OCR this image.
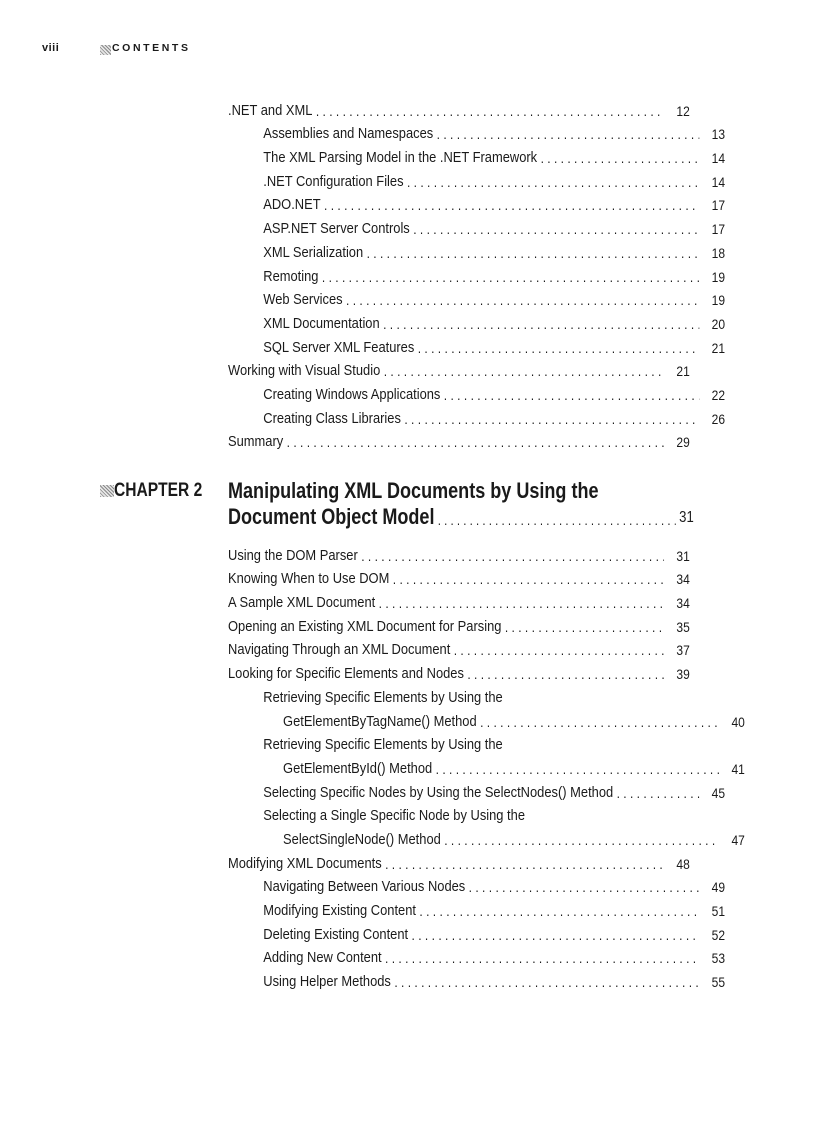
viii	CONTENTS
.NET and XML . . .	12
Assemblies and Namespaces . . .	13
The XML Parsing Model in the .NET Framework . . .	14
.NET Configuration Files . . .	14
ADO.NET . . .	17
ASP.NET Server Controls . . .	17
XML Serialization . . .	18
Remoting . . .	19
Web Services . . .	19
XML Documentation . . .	20
SQL Server XML Features . . .	21
Working with Visual Studio . . .	21
Creating Windows Applications . . .	22
Creating Class Libraries . . .	26
Summary . . .	29
CHAPTER 2 Manipulating XML Documents by Using the
Document Object Model . . .	31
Using the DOM Parser . . .	31
Knowing When to Use DOM . . .	34
A Sample XML Document . . .	34
Opening an Existing XML Document for Parsing . . .	35
Navigating Through an XML Document . . .	37
Looking for Specific Elements and Nodes . . .	39
Retrieving Specific Elements by Using the
GetElementByTagName() Method . . .	40
Retrieving Specific Elements by Using the
GetElementById() Method . . .	41
Selecting Specific Nodes by Using the SelectNodes() Method . . .	45
Selecting a Single Specific Node by Using the
SelectSingleNode() Method . . .	47
Modifying XML Documents . . .	48
Navigating Between Various Nodes . . .	49
Modifying Existing Content . . .	51
Deleting Existing Content . . .	52
Adding New Content . . .	53
Using Helper Methods . . .	55
